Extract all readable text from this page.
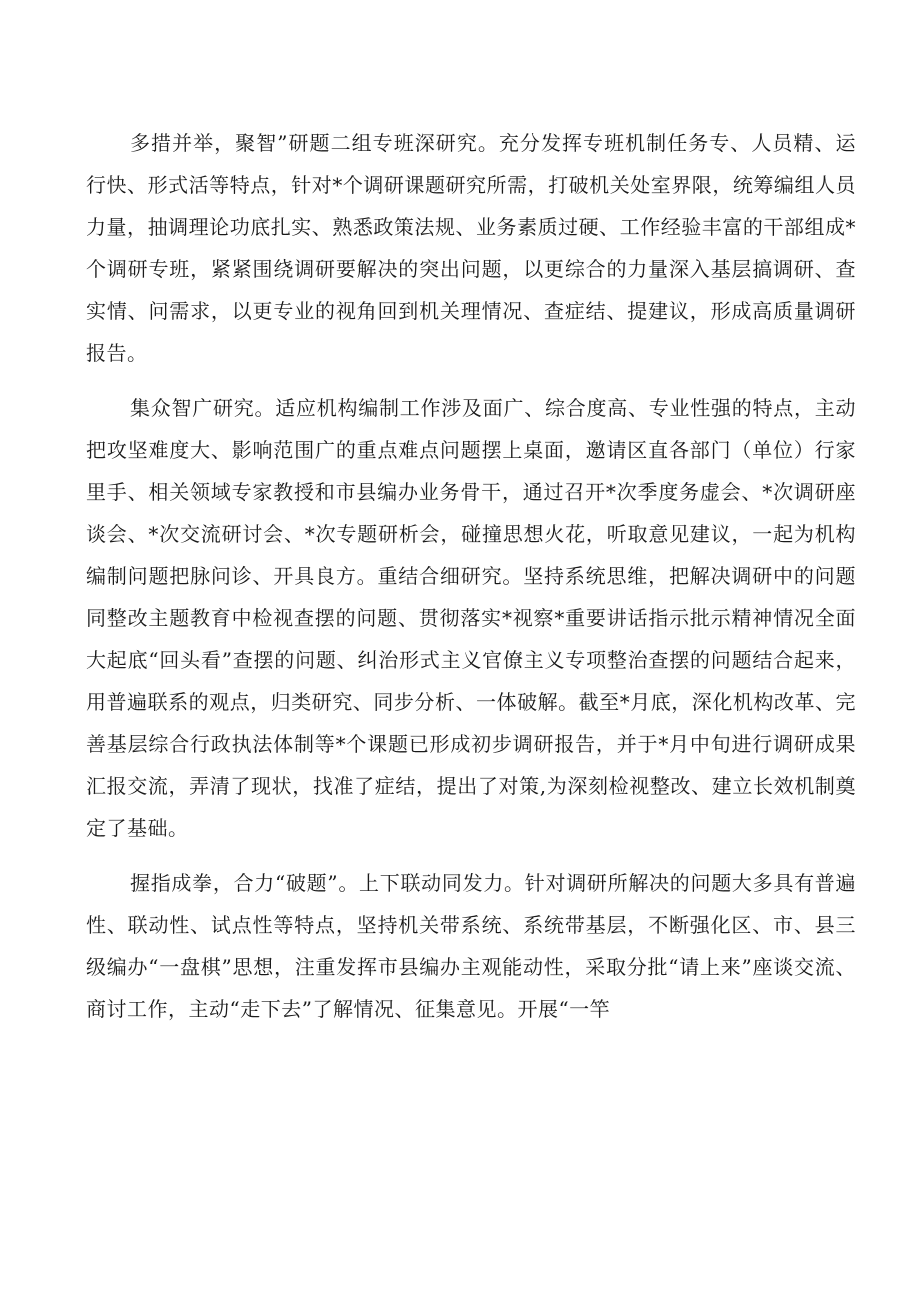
多措并举，聚智”研题二组专班深研究。充分发挥专班机制任务专、人员精、运行快、形式活等特点，针对*个调研课题研究所需，打破机关处室界限，统筹编组人员力量，抽调理论功底扎实、熟悉政策法规、业务素质过硬、工作经验丰富的干部组成*个调研专班，紧紧围绕调研要解决的突出问题，以更综合的力量深入基层搞调研、查实情、问需求，以更专业的视角回到机关理情况、查症结、提建议，形成高质量调研报告。

集众智广研究。适应机构编制工作涉及面广、综合度高、专业性强的特点，主动把攻坚难度大、影响范围广的重点难点问题摆上桌面，邀请区直各部门（单位）行家里手、相关领域专家教授和市县编办业务骨干，通过召开*次季度务虚会、*次调研座谈会、*次交流研讨会、*次专题研析会，碰撞思想火花，听取意见建议，一起为机构编制问题把脉问诊、开具良方。重结合细研究。坚持系统思维，把解决调研中的问题同整改主题教育中检视查摆的问题、贯彻落实*视察*重要讲话指示批示精神情况全面大起底“回头看”查摆的问题、纠治形式主义官僚主义专项整治查摆的问题结合起来，用普遍联系的观点，归类研究、同步分析、一体破解。截至*月底，深化机构改革、完善基层综合行政执法体制等*个课题已形成初步调研报告，并于*月中旬进行调研成果汇报交流，弄清了现状，找准了症结，提出了对策,为深刻检视整改、建立长效机制奠定了基础。

握指成拳，合力“破题”。上下联动同发力。针对调研所解决的问题大多具有普遍性、联动性、试点性等特点，坚持机关带系统、系统带基层，不断强化区、市、县三级编办“一盘棋”思想，注重发挥市县编办主观能动性，采取分批“请上来”座谈交流、商讨工作，主动“走下去”了解情况、征集意见。开展“一竿
